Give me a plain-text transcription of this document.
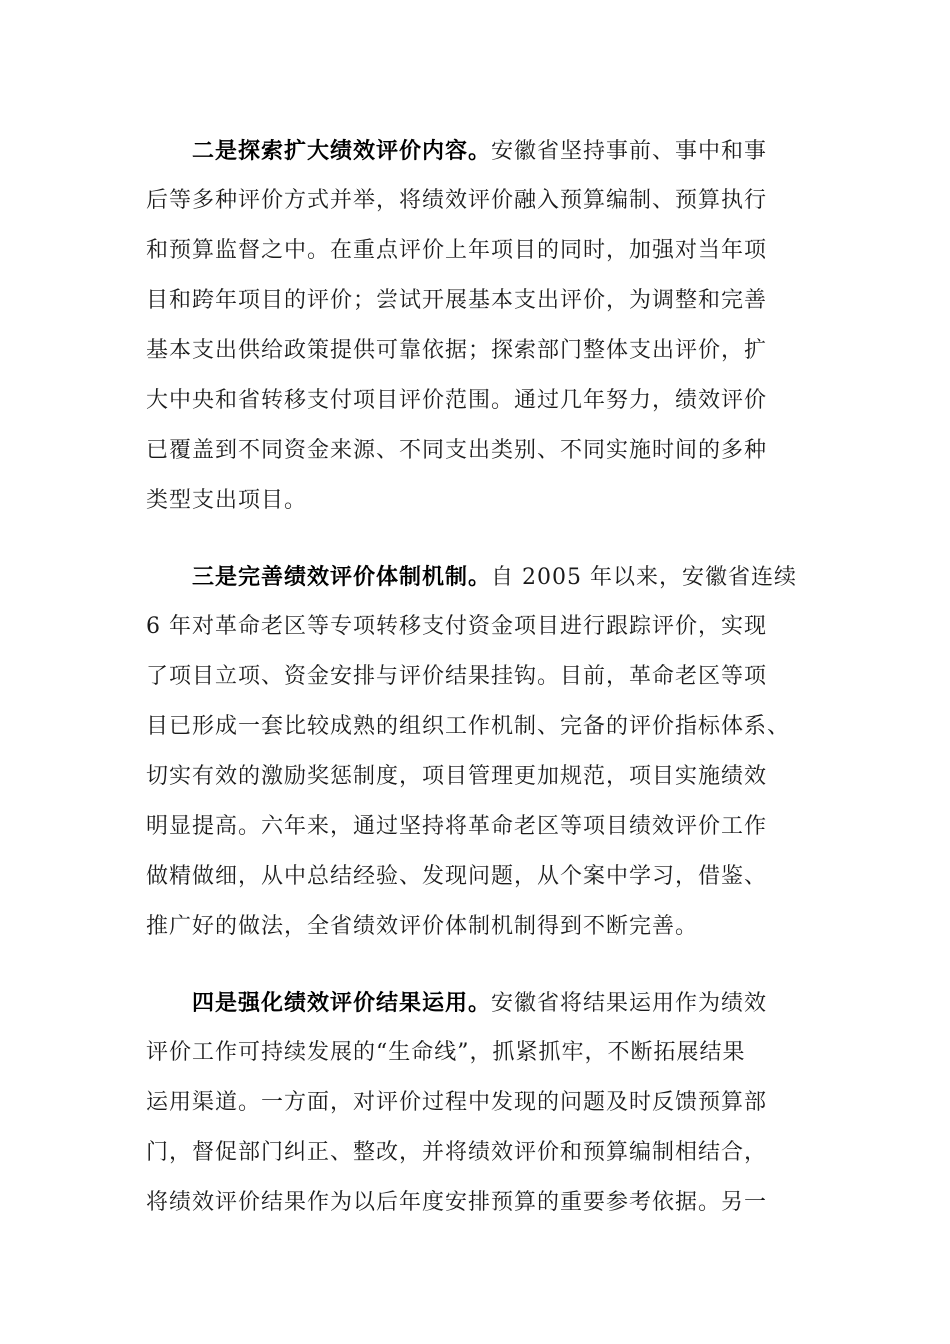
二是探索扩大绩效评价内容。安徽省坚持事前、事中和事
后等多种评价方式并举，将绩效评价融入预算编制、预算执行
和预算监督之中。在重点评价上年项目的同时，加强对当年项
目和跨年项目的评价；尝试开展基本支出评价，为调整和完善
基本支出供给政策提供可靠依据；探索部门整体支出评价，扩
大中央和省转移支付项目评价范围。通过几年努力，绩效评价
已覆盖到不同资金来源、不同支出类别、不同实施时间的多种
类型支出项目。
三是完善绩效评价体制机制。自 2005 年以来，安徽省连续
6 年对革命老区等专项转移支付资金项目进行跟踪评价，实现
了项目立项、资金安排与评价结果挂钩。目前，革命老区等项
目已形成一套比较成熟的组织工作机制、完备的评价指标体系、
切实有效的激励奖惩制度，项目管理更加规范，项目实施绩效
明显提高。六年来，通过坚持将革命老区等项目绩效评价工作
做精做细，从中总结经验、发现问题，从个案中学习，借鉴、
推广好的做法，全省绩效评价体制机制得到不断完善。
四是强化绩效评价结果运用。安徽省将结果运用作为绩效
评价工作可持续发展的“生命线”，抓紧抓牢，不断拓展结果
运用渠道。一方面，对评价过程中发现的问题及时反馈预算部
门，督促部门纠正、整改，并将绩效评价和预算编制相结合，
将绩效评价结果作为以后年度安排预算的重要参考依据。另一
